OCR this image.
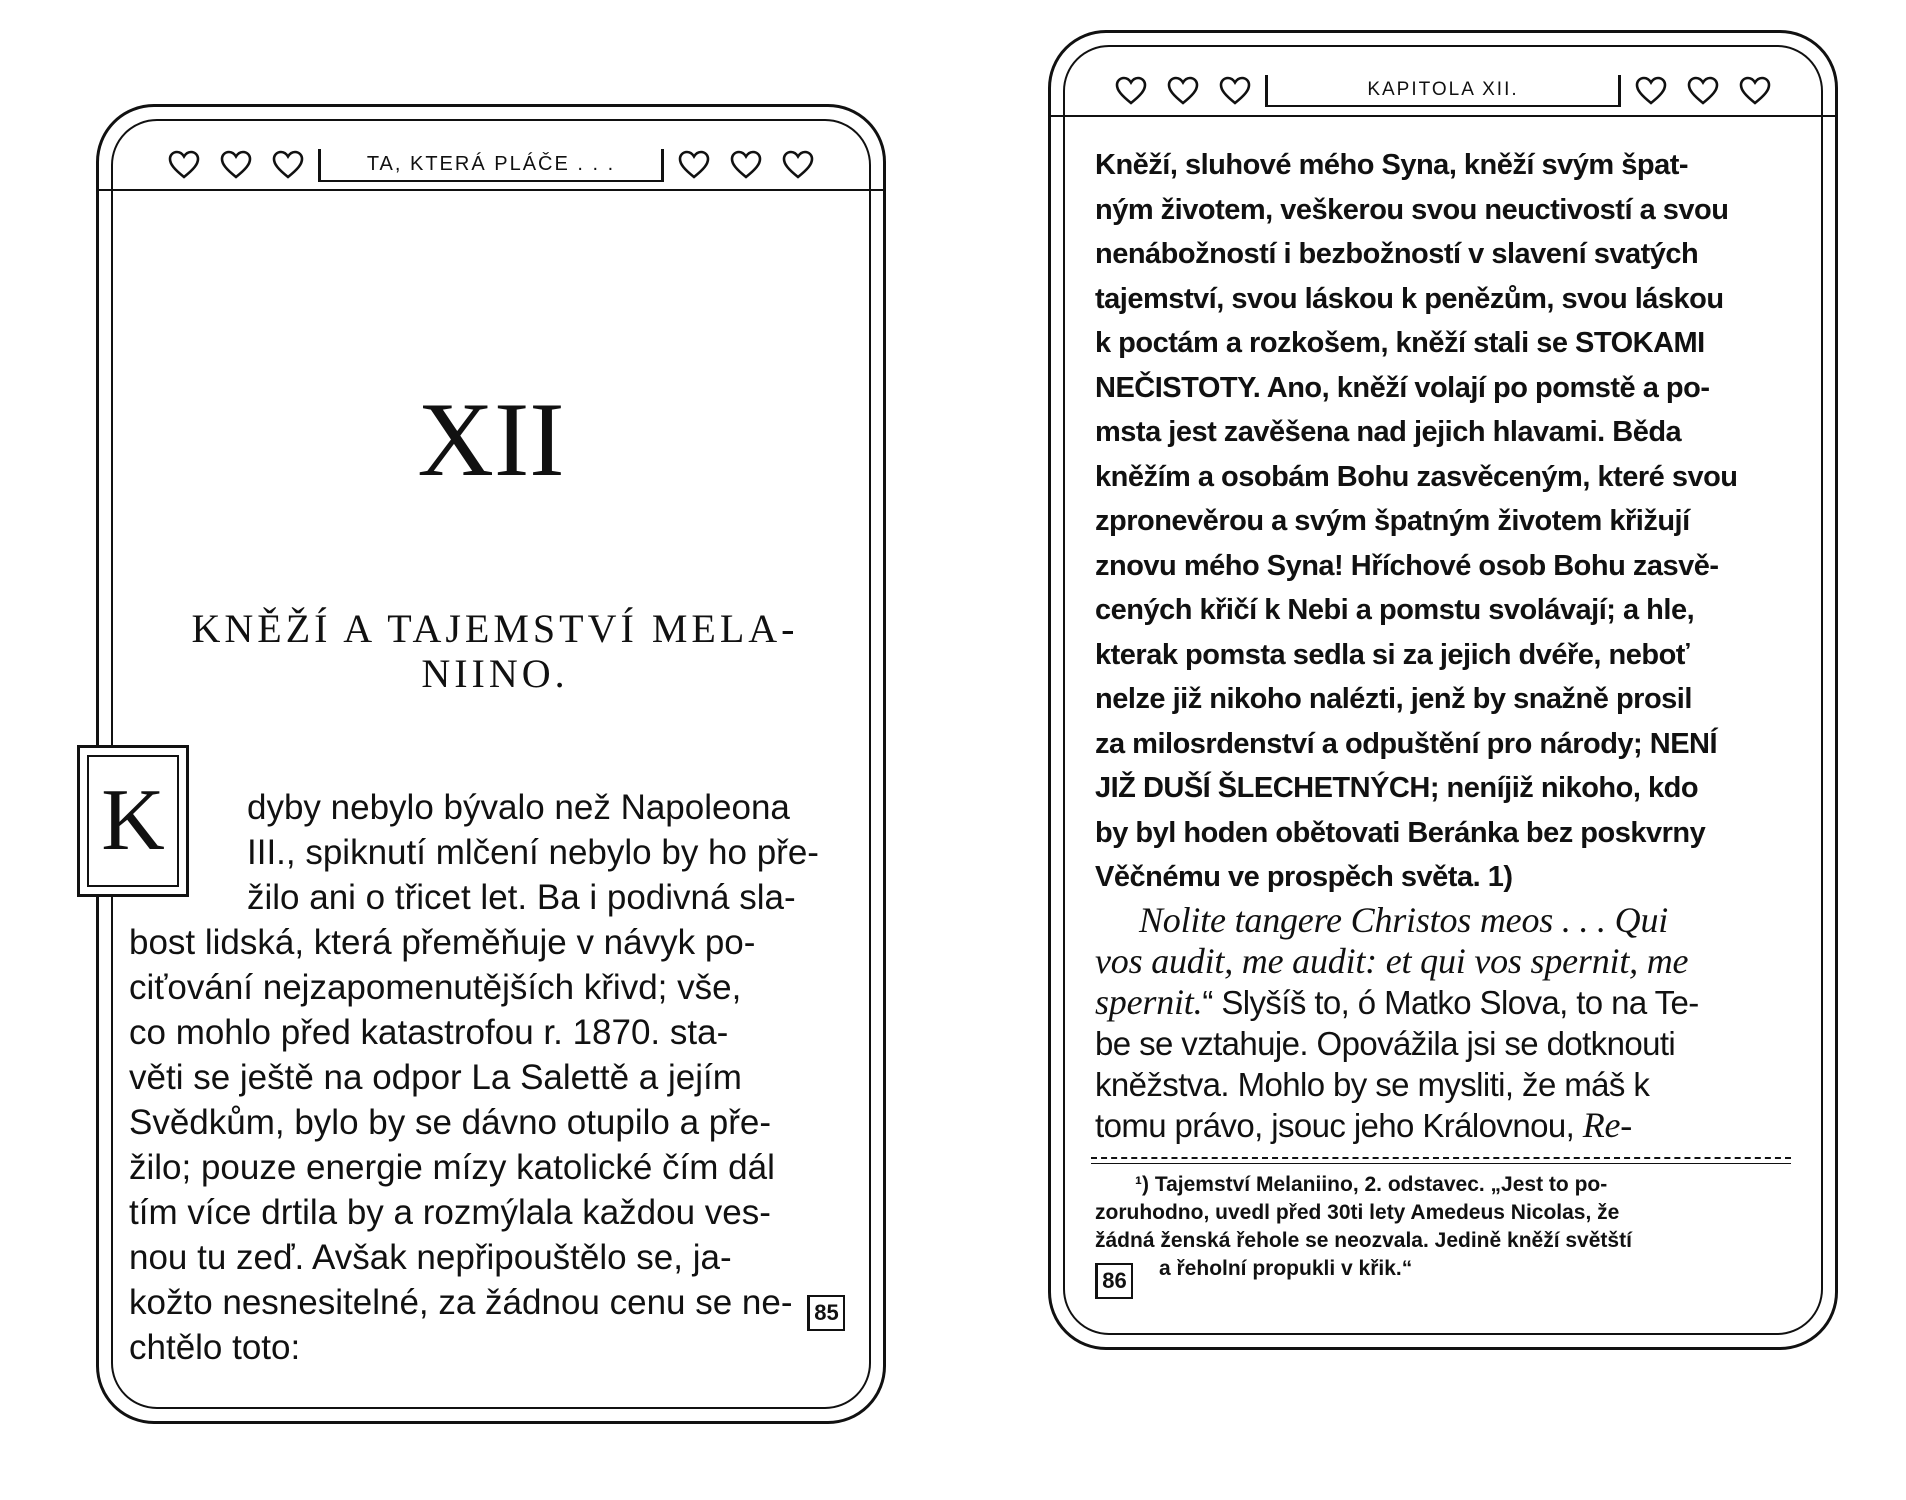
TA, KTERÁ PLÁČE . . .
XII
KNĚŽÍ A TAJEMSTVÍ MELA-
NIINO.
K	dyby nebylo bývalo než Napoleona
III., spiknutí mlčení nebylo by ho pře-
žilo ani o třicet let. Ba i podivná sla-
bost lidská, která přeměňuje v návyk po-
ciťování nejzapomenutějších křivd; vše,
co mohlo před katastrofou r. 1870. sta-
věti se ještě na odpor La Salettě a jejím
Svědkům, bylo by se dávno otupilo a pře-
žilo; pouze energie mízy katolické čím dál
tím více drtila by a rozmýlala každou ves-
nou tu zeď. Avšak nepřipouštělo se, ja-
kožto nesnesitelné, za žádnou cenu se ne-
chtělo toto:
85
KAPITOLA XII.
Kněží, sluhové mého Syna, kněží svým špat-
ným životem, veškerou svou neuctivostí a svou
nenábožností i bezbožností v slavení svatých
tajemství, svou láskou k penězům, svou láskou
k poctám a rozkošem, kněží stali se STOKAMI
NEČISTOTY. Ano, kněží volají po pomstě a po-
msta jest zavěšena nad jejich hlavami. Běda
kněžím a osobám Bohu zasvěceným, které svou
zpronevěrou a svým špatným životem křižují
znovu mého Syna! Hříchové osob Bohu zasvě-
cených křičí k Nebi a pomstu svolávají; a hle,
kterak pomsta sedla si za jejich dvéře, neboť
nelze již nikoho nalézti, jenž by snažně prosil
za milosrdenství a odpuštění pro národy; NENÍ
JIŽ DUŠÍ ŠLECHETNÝCH; neníjiž nikoho, kdo
by byl hoden obětovati Beránka bez poskvrny
Věčnému ve prospěch světa. 1)
Nolite tangere Christos meos . . . Qui
vos audit, me audit: et qui vos spernit, me
spernit.“ Slyšíš to, ó Matko Slova, to na Te-
be se vztahuje. Opovážila jsi se dotknouti
kněžstva. Mohlo by se mysliti, že máš k
tomu právo, jsouc jeho Královnou, Re-
¹) Tajemství Melaniino, 2. odstavec. „Jest to po-
zoruhodno, uvedl před 30ti lety Amedeus Nicolas, že
žádná ženská řehole se neozvala. Jedině kněží světští
a řeholní propukli v křik.“
86
